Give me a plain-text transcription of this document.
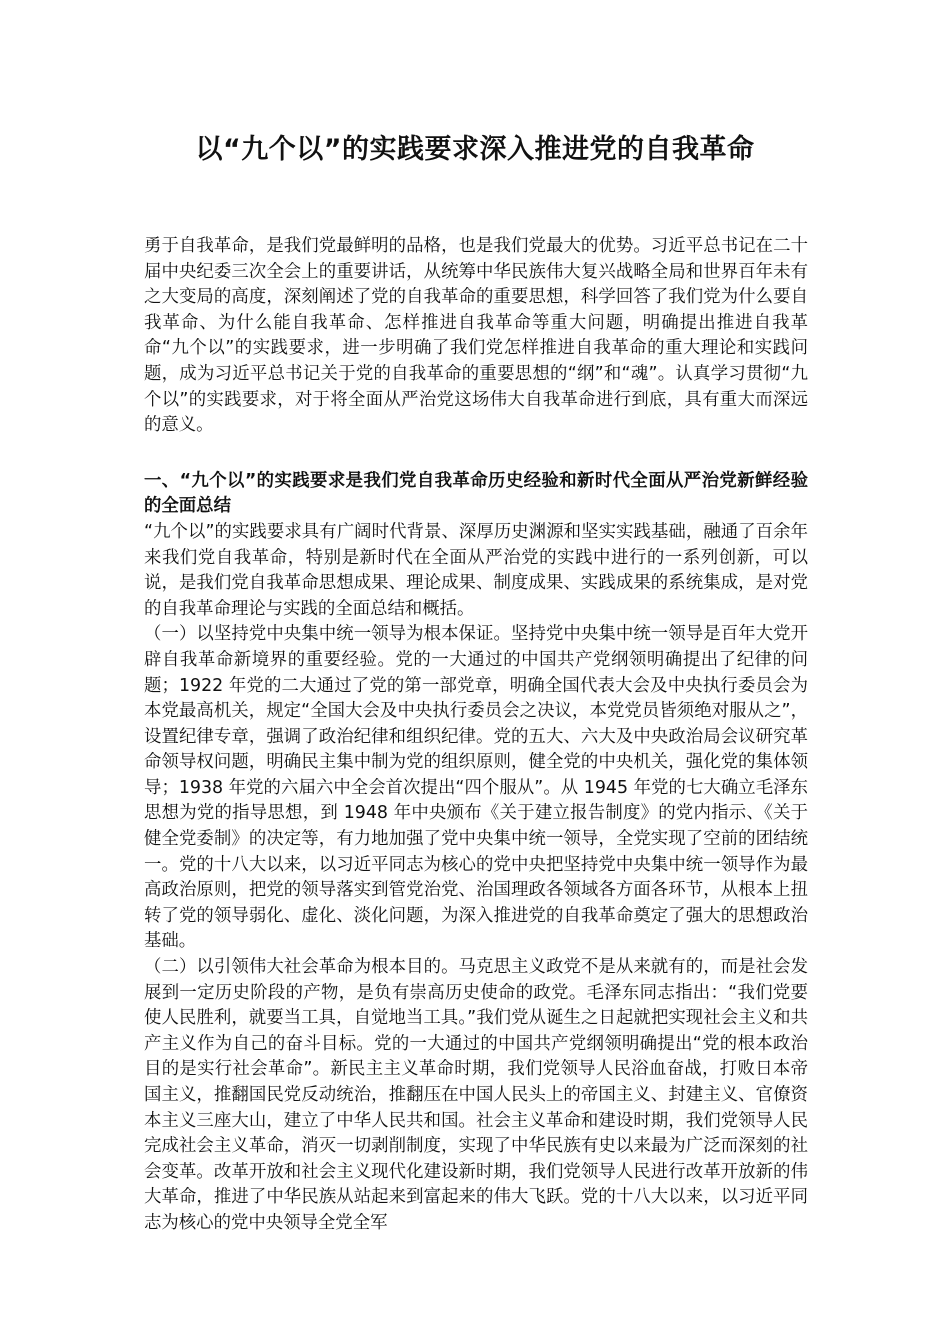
以“九个以”的实践要求深入推进党的自我革命

勇于自我革命，是我们党最鲜明的品格，也是我们党最大的优势。习近平总书记在二十届中央纪委三次全会上的重要讲话，从统筹中华民族伟大复兴战略全局和世界百年未有之大变局的高度，深刻阐述了党的自我革命的重要思想，科学回答了我们党为什么要自我革命、为什么能自我革命、怎样推进自我革命等重大问题，明确提出推进自我革命“九个以”的实践要求，进一步明确了我们党怎样推进自我革命的重大理论和实践问题，成为习近平总书记关于党的自我革命的重要思想的“纲”和“魂”。认真学习贯彻“九个以”的实践要求，对于将全面从严治党这场伟大自我革命进行到底，具有重大而深远的意义。

一、“九个以”的实践要求是我们党自我革命历史经验和新时代全面从严治党新鲜经验的全面总结

“九个以”的实践要求具有广阔时代背景、深厚历史渊源和坚实实践基础，融通了百余年来我们党自我革命，特别是新时代在全面从严治党的实践中进行的一系列创新，可以说，是我们党自我革命思想成果、理论成果、制度成果、实践成果的系统集成，是对党的自我革命理论与实践的全面总结和概括。

（一）以坚持党中央集中统一领导为根本保证。坚持党中央集中统一领导是百年大党开辟自我革命新境界的重要经验。党的一大通过的中国共产党纲领明确提出了纪律的问题；1922 年党的二大通过了党的第一部党章，明确全国代表大会及中央执行委员会为本党最高机关，规定“全国大会及中央执行委员会之决议，本党党员皆须绝对服从之”，设置纪律专章，强调了政治纪律和组织纪律。党的五大、六大及中央政治局会议研究革命领导权问题，明确民主集中制为党的组织原则，健全党的中央机关，强化党的集体领导；1938 年党的六届六中全会首次提出“四个服从”。从 1945 年党的七大确立毛泽东思想为党的指导思想，到 1948 年中央颁布《关于建立报告制度》的党内指示、《关于健全党委制》的决定等，有力地加强了党中央集中统一领导，全党实现了空前的团结统一。党的十八大以来，以习近平同志为核心的党中央把坚持党中央集中统一领导作为最高政治原则，把党的领导落实到管党治党、治国理政各领域各方面各环节，从根本上扭转了党的领导弱化、虚化、淡化问题，为深入推进党的自我革命奠定了强大的思想政治基础。

（二）以引领伟大社会革命为根本目的。马克思主义政党不是从来就有的，而是社会发展到一定历史阶段的产物，是负有崇高历史使命的政党。毛泽东同志指出：“我们党要使人民胜利，就要当工具，自觉地当工具。”我们党从诞生之日起就把实现社会主义和共产主义作为自己的奋斗目标。党的一大通过的中国共产党纲领明确提出“党的根本政治目的是实行社会革命”。新民主主义革命时期，我们党领导人民浴血奋战，打败日本帝国主义，推翻国民党反动统治，推翻压在中国人民头上的帝国主义、封建主义、官僚资本主义三座大山，建立了中华人民共和国。社会主义革命和建设时期，我们党领导人民完成社会主义革命，消灭一切剥削制度，实现了中华民族有史以来最为广泛而深刻的社会变革。改革开放和社会主义现代化建设新时期，我们党领导人民进行改革开放新的伟大革命，推进了中华民族从站起来到富起来的伟大飞跃。党的十八大以来，以习近平同志为核心的党中央领导全党全军
